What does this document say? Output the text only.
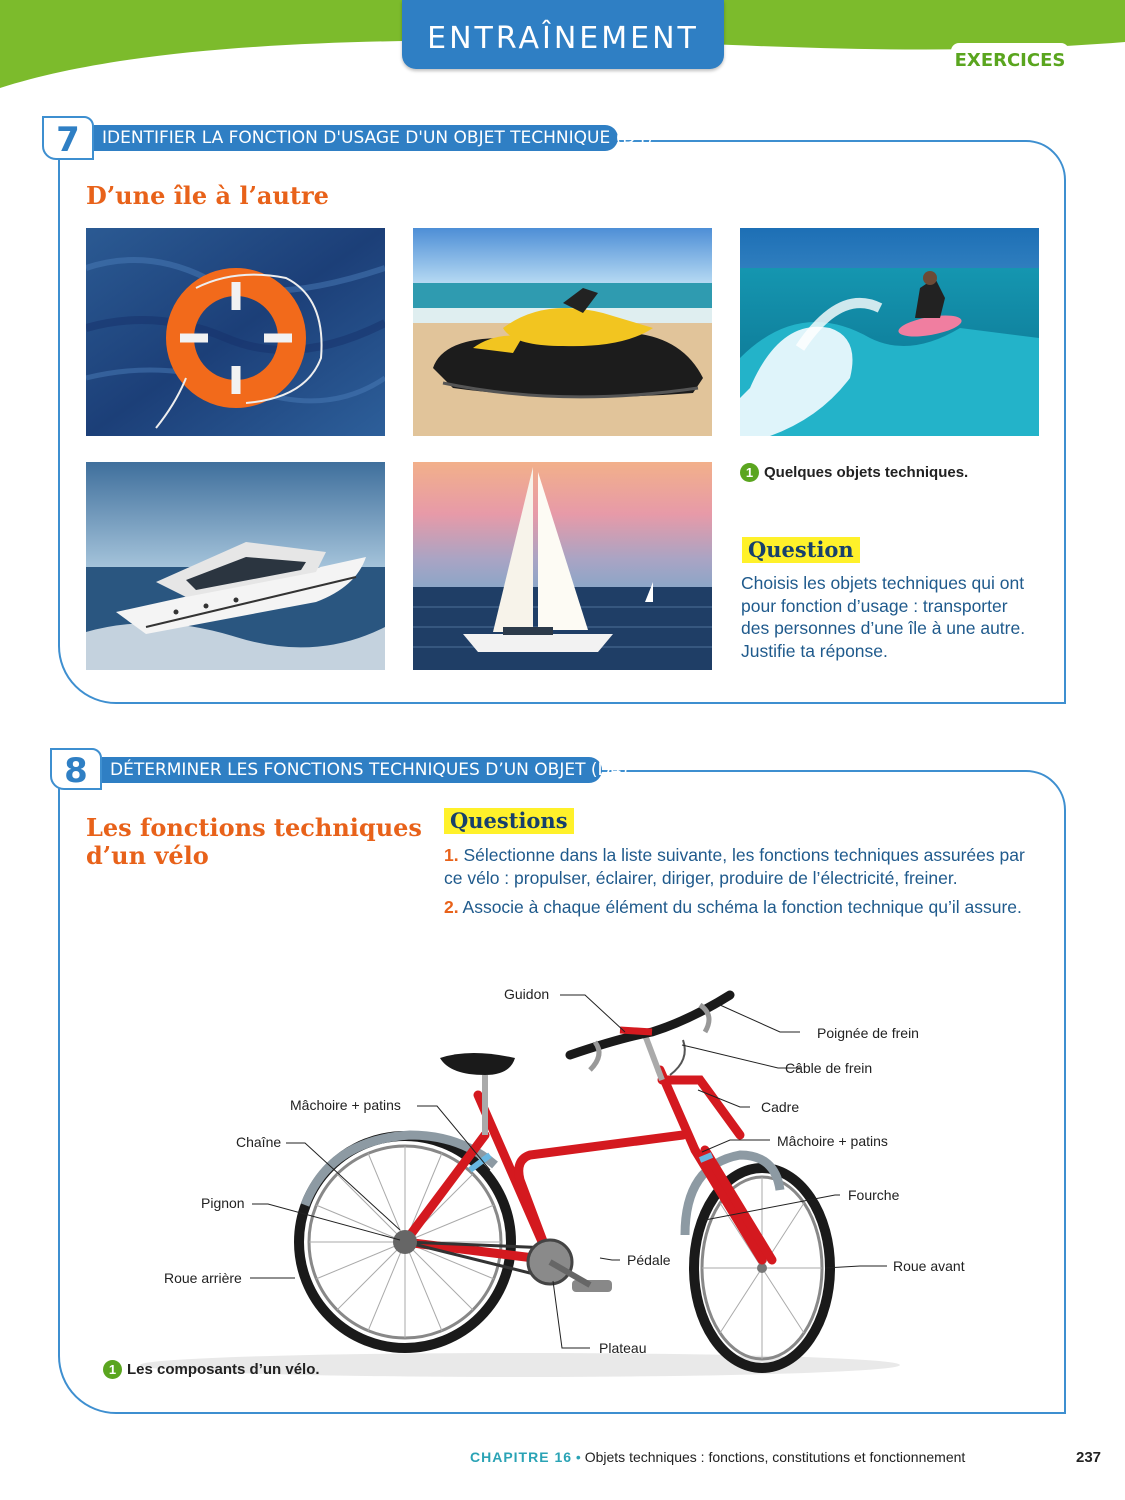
ENTRAÎNEMENT
EXERCICES
7	IDENTIFIER LA FONCTION D'USAGE D'UN OBJET TECHNIQUE (D4)
D’une île à l’autre
1 Quelques objets techniques.
Question
Choisis les objets techniques qui ont
pour fonction d’usage : transporter
des personnes d’une île à une autre.
Justifie ta réponse.
8	DÉTERMINER LES FONCTIONS TECHNIQUES D’UN OBJET (D4)
Les fonctions techniques
d’un vélo
Questions
1. Sélectionne dans la liste suivante, les fonctions techniques assurées par
ce vélo : propulser, éclairer, diriger, produire de l’électricité, freiner.
2. Associe à chaque élément du schéma la fonction technique qu’il assure.
Guidon
Poignée de frein
Câble de frein
Cadre
Mâchoire + patins
Fourche
Roue avant
Pédale
Plateau
Mâchoire + patins
Chaîne
Pignon
Roue arrière
1 Les composants d’un vélo.
CHAPITRE 16 • Objets techniques : fonctions, constitutions et fonctionnement	237
